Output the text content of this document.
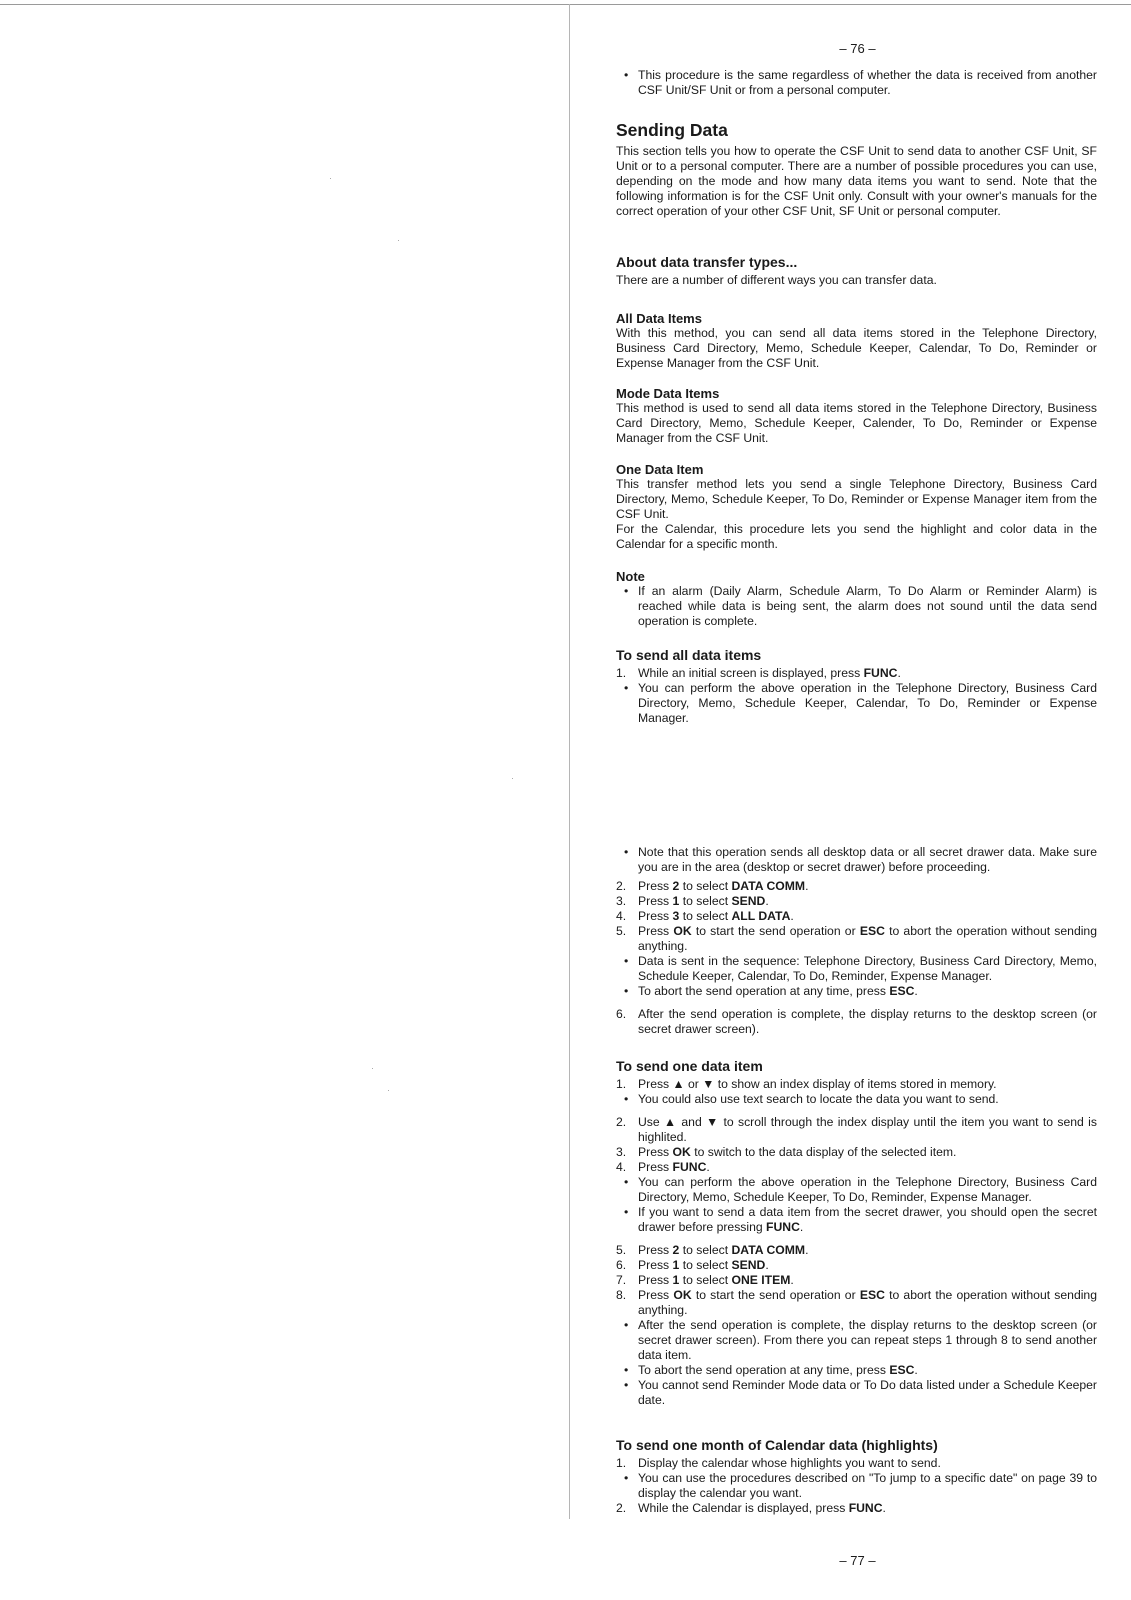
– 76 –
• This procedure is the same regardless of whether the data is received from another CSF Unit/SF Unit or from a personal computer.
Sending Data

This section tells you how to operate the CSF Unit to send data to another CSF Unit, SF Unit or to a personal computer. There are a number of possible procedures you can use, depending on the mode and how many data items you want to send. Note that the following information is for the CSF Unit only. Consult with your owner's manuals for the correct operation of your other CSF Unit, SF Unit or personal computer.

About data transfer types...

There are a number of different ways you can transfer data.

All Data Items

With this method, you can send all data items stored in the Telephone Directory, Business Card Directory, Memo, Schedule Keeper, Calendar, To Do, Reminder or Expense Manager from the CSF Unit.

Mode Data Items

This method is used to send all data items stored in the Telephone Directory, Business Card Directory, Memo, Schedule Keeper, Calender, To Do, Reminder or Expense Manager from the CSF Unit.

One Data Item

This transfer method lets you send a single Telephone Directory, Business Card Directory, Memo, Schedule Keeper, To Do, Reminder or Expense Manager item from the CSF Unit.

For the Calendar, this procedure lets you send the highlight and color data in the Calendar for a specific month.

Note
• If an alarm (Daily Alarm, Schedule Alarm, To Do Alarm or Reminder Alarm) is reached while data is being sent, the alarm does not sound until the data send operation is complete.
To send all data items
1. While an initial screen is displayed, press FUNC.
• You can perform the above operation in the Telephone Directory, Business Card Directory, Memo, Schedule Keeper, Calendar, To Do, Reminder or Expense Manager.
• Note that this operation sends all desktop data or all secret drawer data. Make sure you are in the area (desktop or secret drawer) before proceeding.
2. Press 2 to select DATA COMM.
3. Press 1 to select SEND.
4. Press 3 to select ALL DATA.
5. Press OK to start the send operation or ESC to abort the operation without sending anything.
• Data is sent in the sequence: Telephone Directory, Business Card Directory, Memo, Schedule Keeper, Calendar, To Do, Reminder, Expense Manager.
• To abort the send operation at any time, press ESC.
6. After the send operation is complete, the display returns to the desktop screen (or secret drawer screen).
To send one data item
1. Press ▲ or ▼ to show an index display of items stored in memory.
• You could also use text search to locate the data you want to send.
2. Use ▲ and ▼ to scroll through the index display until the item you want to send is highlited.
3. Press OK to switch to the data display of the selected item.
4. Press FUNC.
• You can perform the above operation in the Telephone Directory, Business Card Directory, Memo, Schedule Keeper, To Do, Reminder, Expense Manager.
• If you want to send a data item from the secret drawer, you should open the secret drawer before pressing FUNC.
5. Press 2 to select DATA COMM.
6. Press 1 to select SEND.
7. Press 1 to select ONE ITEM.
8. Press OK to start the send operation or ESC to abort the operation without sending anything.
• After the send operation is complete, the display returns to the desktop screen (or secret drawer screen). From there you can repeat steps 1 through 8 to send another data item.
• To abort the send operation at any time, press ESC.
• You cannot send Reminder Mode data or To Do data listed under a Schedule Keeper date.
To send one month of Calendar data (highlights)
1. Display the calendar whose highlights you want to send.
• You can use the procedures described on "To jump to a specific date" on page 39 to display the calendar you want.
2. While the Calendar is displayed, press FUNC.
– 77 –
